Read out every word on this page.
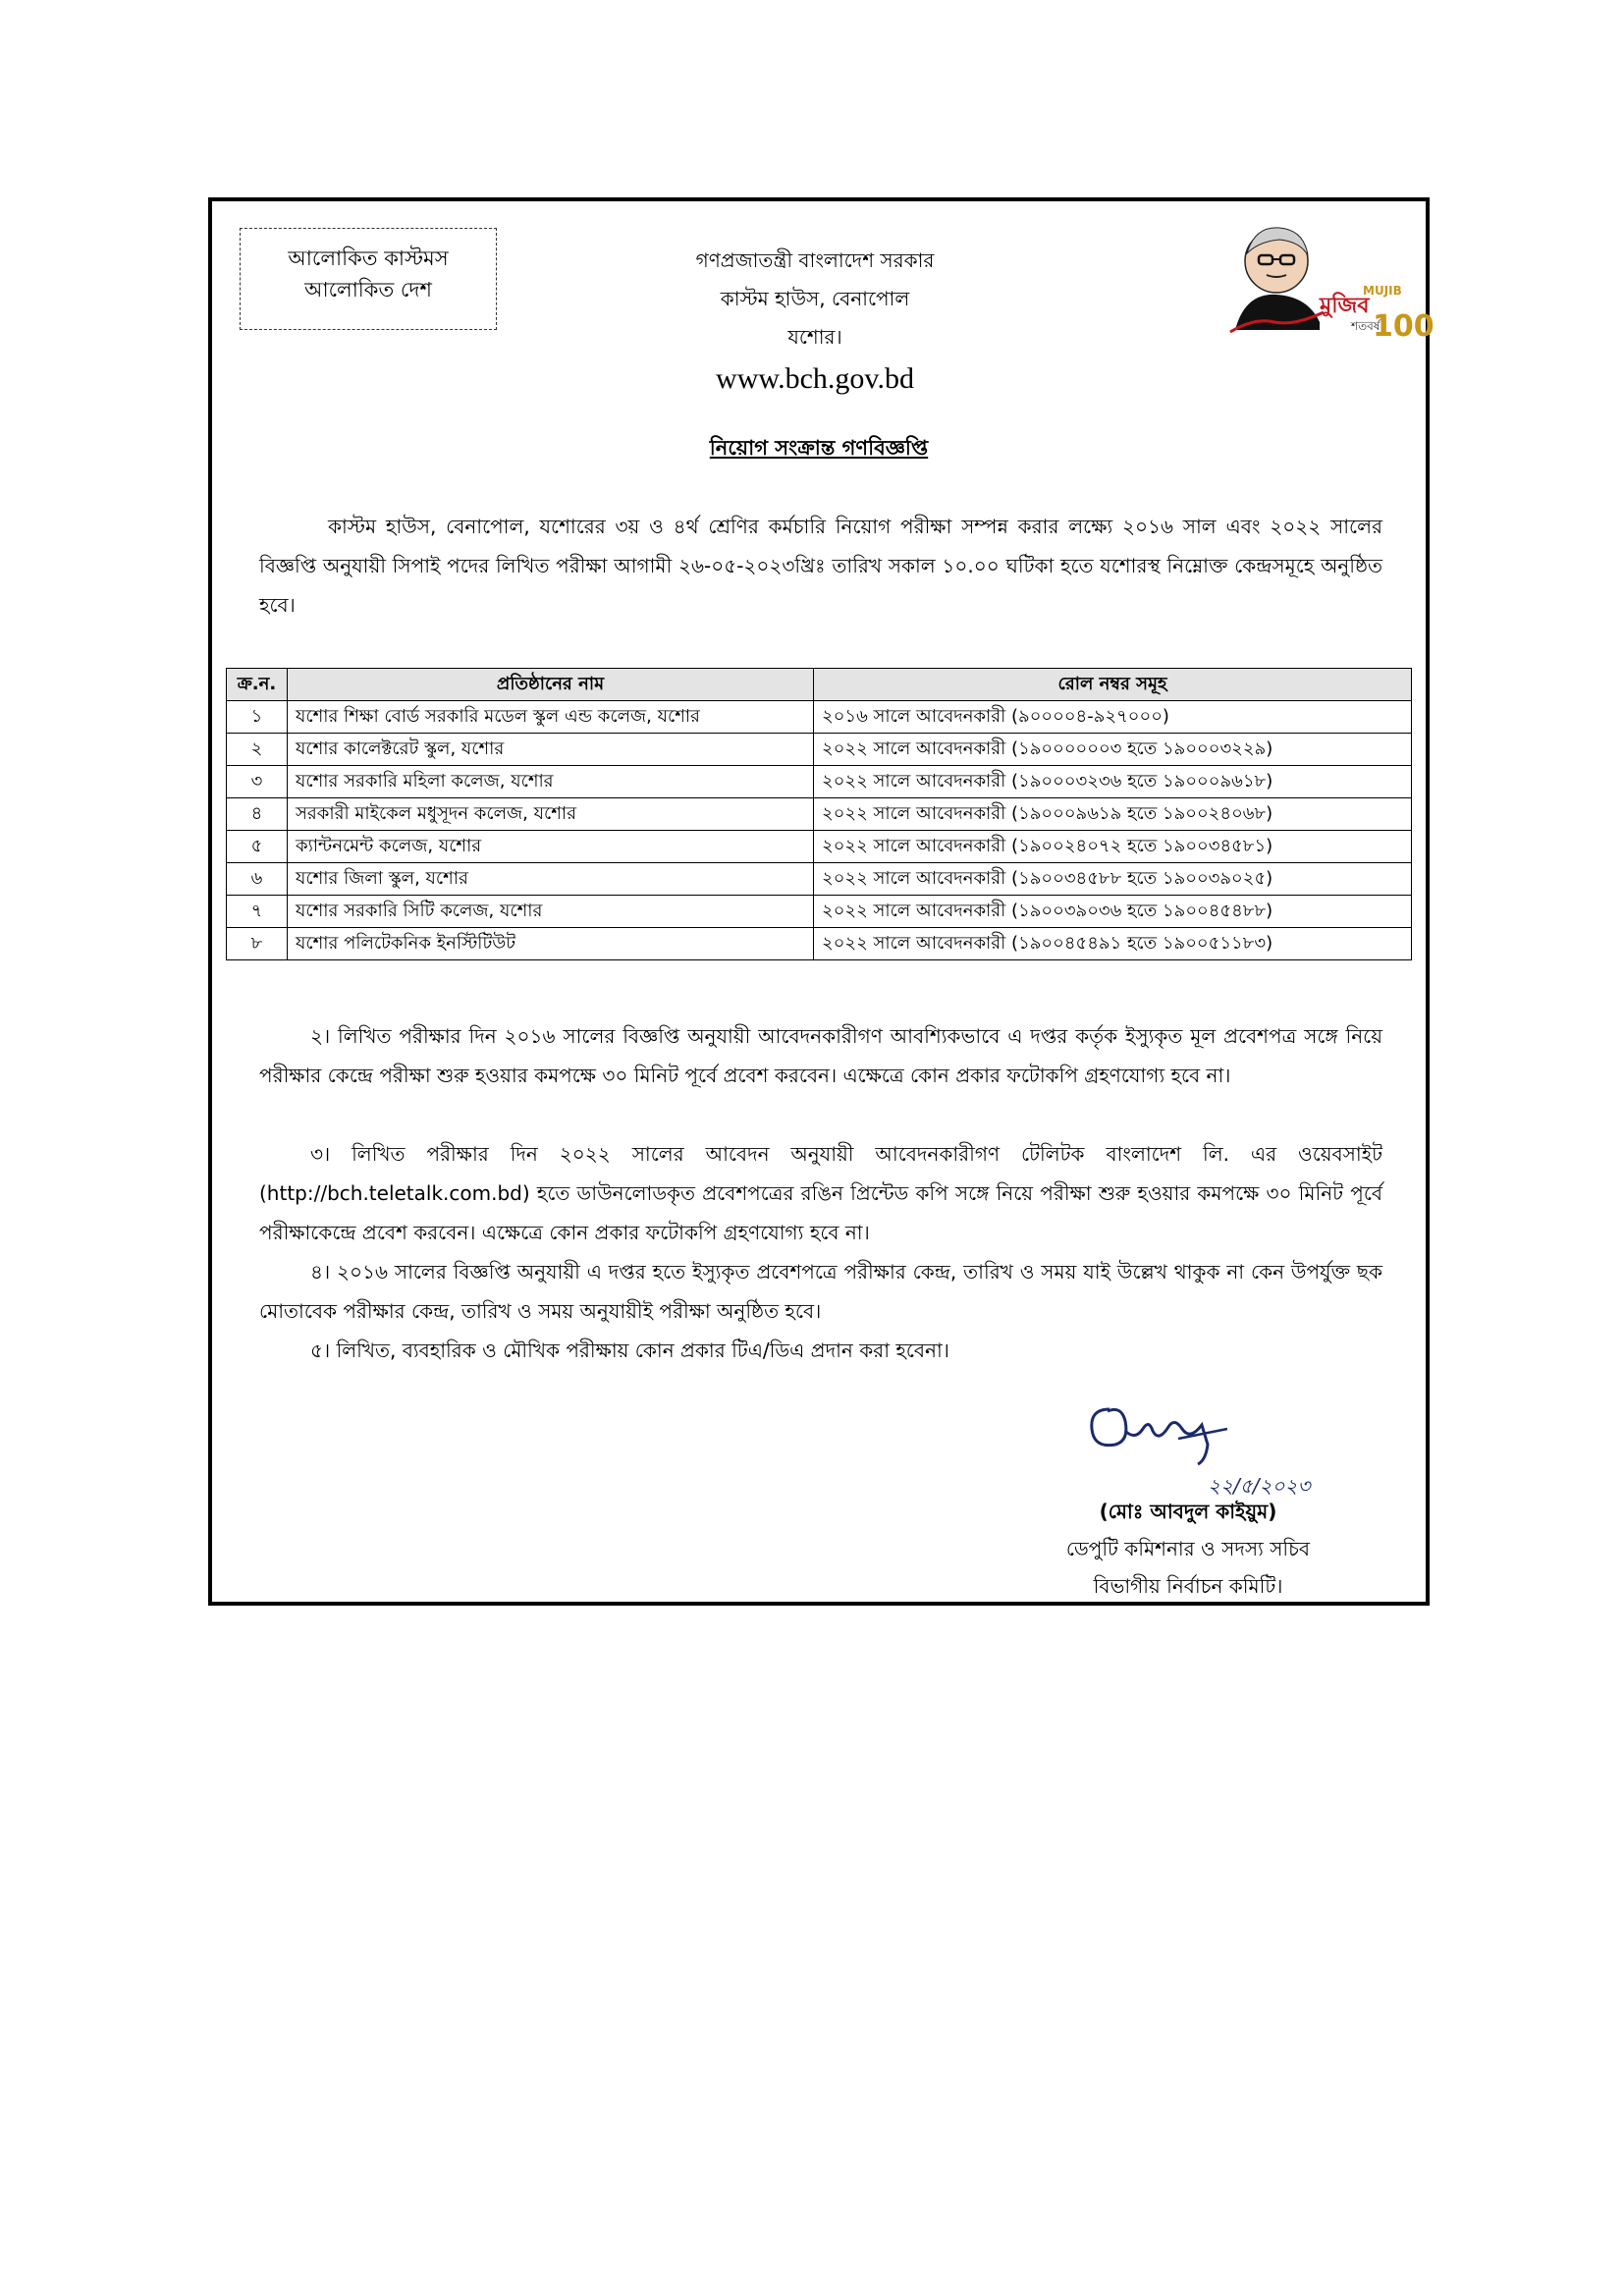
আলোকিত কাস্টমস
আলোকিত দেশ
গণপ্রজাতন্ত্রী বাংলাদেশ সরকার
কাস্টম হাউস, বেনাপোল
যশোর।
www.bch.gov.bd
মুজিব
MUJIB
শতবর্ষ
100
নিয়োগ সংক্রান্ত গণবিজ্ঞপ্তি
কাস্টম হাউস, বেনাপোল, যশোরের ৩য় ও ৪র্থ শ্রেণির কর্মচারি নিয়োগ পরীক্ষা সম্পন্ন করার লক্ষ্যে ২০১৬ সাল এবং ২০২২ সালের বিজ্ঞপ্তি অনুযায়ী সিপাই পদের লিখিত পরীক্ষা আগামী ২৬-০৫-২০২৩খ্রিঃ তারিখ সকাল ১০.০০ ঘটিকা হতে যশোরস্থ নিম্নোক্ত কেন্দ্রসমূহে অনুষ্ঠিত হবে।
ক্র.ন.	প্রতিষ্ঠানের নাম	রোল নম্বর সমূহ
১	যশোর শিক্ষা বোর্ড সরকারি মডেল স্কুল এন্ড কলেজ, যশোর	২০১৬ সালে আবেদনকারী (৯০০০০৪-৯২৭০০০)
২	যশোর কালেক্টরেট স্কুল, যশোর	২০২২ সালে আবেদনকারী (১৯০০০০০০৩ হতে ১৯০০০৩২২৯)
৩	যশোর সরকারি মহিলা কলেজ, যশোর	২০২২ সালে আবেদনকারী (১৯০০০৩২৩৬ হতে ১৯০০০৯৬১৮)
৪	সরকারী মাইকেল মধুসূদন কলেজ, যশোর	২০২২ সালে আবেদনকারী (১৯০০০৯৬১৯ হতে ১৯০০২৪০৬৮)
৫	ক্যান্টনমেন্ট কলেজ, যশোর	২০২২ সালে আবেদনকারী (১৯০০২৪০৭২ হতে ১৯০০৩৪৫৮১)
৬	যশোর জিলা স্কুল, যশোর	২০২২ সালে আবেদনকারী (১৯০০৩৪৫৮৮ হতে ১৯০০৩৯০২৫)
৭	যশোর সরকারি সিটি কলেজ, যশোর	২০২২ সালে আবেদনকারী (১৯০০৩৯০৩৬ হতে ১৯০০৪৫৪৮৮)
৮	যশোর পলিটেকনিক ইনস্টিটিউট	২০২২ সালে আবেদনকারী (১৯০০৪৫৪৯১ হতে ১৯০০৫১১৮৩)
২। লিখিত পরীক্ষার দিন ২০১৬ সালের বিজ্ঞপ্তি অনুযায়ী আবেদনকারীগণ আবশ্যিকভাবে এ দপ্তর কর্তৃক ইস্যুকৃত মূল প্রবেশপত্র সঙ্গে নিয়ে পরীক্ষার কেন্দ্রে পরীক্ষা শুরু হওয়ার কমপক্ষে ৩০ মিনিট পূর্বে প্রবেশ করবেন। এক্ষেত্রে কোন প্রকার ফটোকপি গ্রহণযোগ্য হবে না।
৩। লিখিত পরীক্ষার দিন ২০২২ সালের আবেদন অনুযায়ী আবেদনকারীগণ টেলিটক বাংলাদেশ লি. এর ওয়েবসাইট (http://bch.teletalk.com.bd) হতে ডাউনলোডকৃত প্রবেশপত্রের রঙিন প্রিন্টেড কপি সঙ্গে নিয়ে পরীক্ষা শুরু হওয়ার কমপক্ষে ৩০ মিনিট পূর্বে পরীক্ষাকেন্দ্রে প্রবেশ করবেন। এক্ষেত্রে কোন প্রকার ফটোকপি গ্রহণযোগ্য হবে না।
৪। ২০১৬ সালের বিজ্ঞপ্তি অনুযায়ী এ দপ্তর হতে ইস্যুকৃত প্রবেশপত্রে পরীক্ষার কেন্দ্র, তারিখ ও সময় যাই উল্লেখ থাকুক না কেন উপর্যুক্ত ছক মোতাবেক পরীক্ষার কেন্দ্র, তারিখ ও সময় অনুযায়ীই পরীক্ষা অনুষ্ঠিত হবে।
৫। লিখিত, ব্যবহারিক ও মৌখিক পরীক্ষায় কোন প্রকার টিএ/ডিএ প্রদান করা হবেনা।
২২/৫/২০২৩
(মোঃ আবদুল কাইয়ুম)
ডেপুটি কমিশনার ও সদস্য সচিব
বিভাগীয় নির্বাচন কমিটি।
